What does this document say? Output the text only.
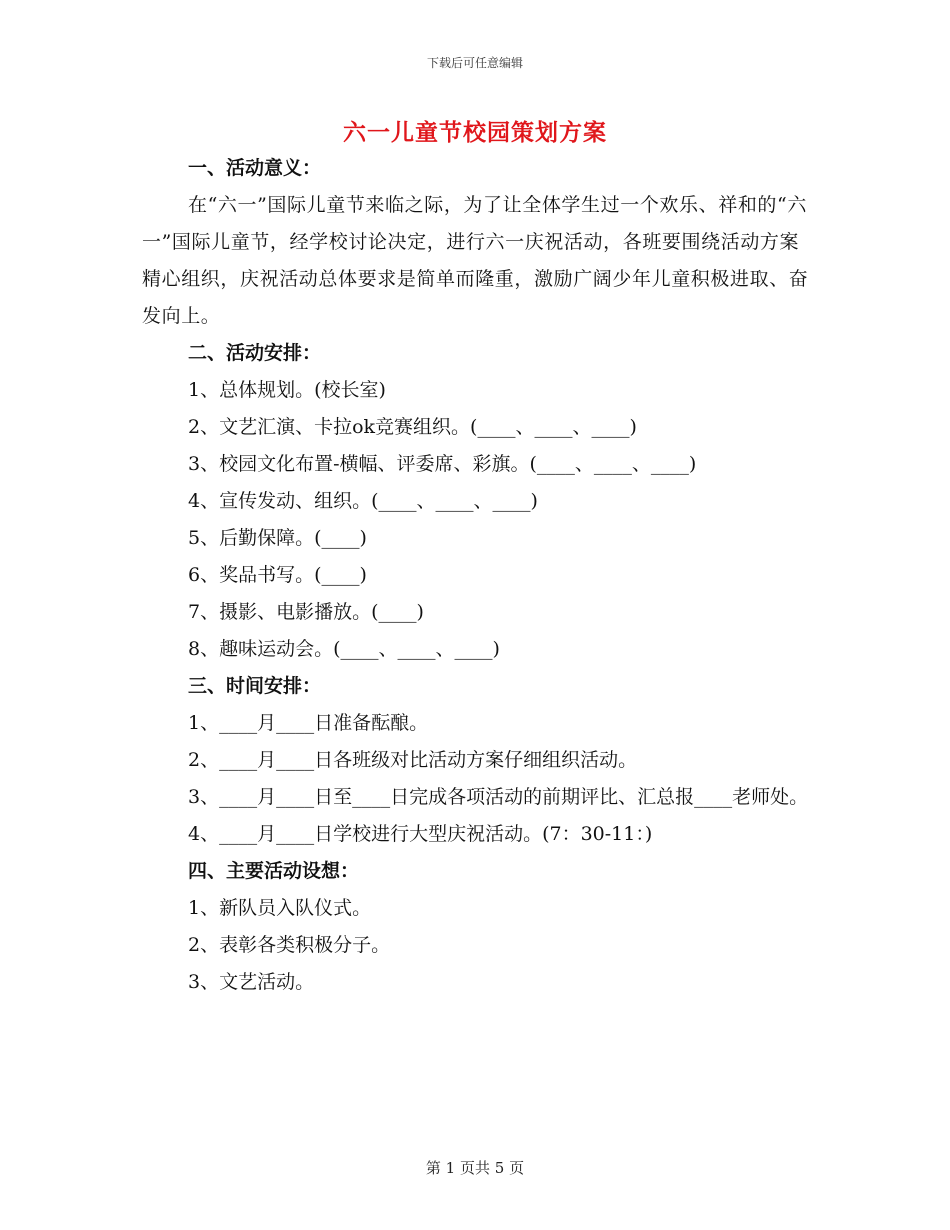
下载后可任意编辑
六一儿童节校园策划方案

一、活动意义：

在“六一”国际儿童节来临之际，为了让全体学生过一个欢乐、祥和的“六一”国际儿童节，经学校讨论决定，进行六一庆祝活动，各班要围绕活动方案精心组织，庆祝活动总体要求是简单而隆重，激励广阔少年儿童积极进取、奋发向上。

二、活动安排：

1、总体规划。(校长室)

2、文艺汇演、卡拉ok竞赛组织。(____、____、____)

3、校园文化布置-横幅、评委席、彩旗。(____、____、____)

4、宣传发动、组织。(____、____、____)

5、后勤保障。(____)

6、奖品书写。(____)

7、摄影、电影播放。(____)

8、趣味运动会。(____、____、____)

三、时间安排：

1、____月____日准备酝酿。

2、____月____日各班级对比活动方案仔细组织活动。

3、____月____日至____日完成各项活动的前期评比、汇总报____老师处。

4、____月____日学校进行大型庆祝活动。(7：30-11：)

四、主要活动设想：

1、新队员入队仪式。

2、表彰各类积极分子。

3、文艺活动。

第 1 页共 5 页
